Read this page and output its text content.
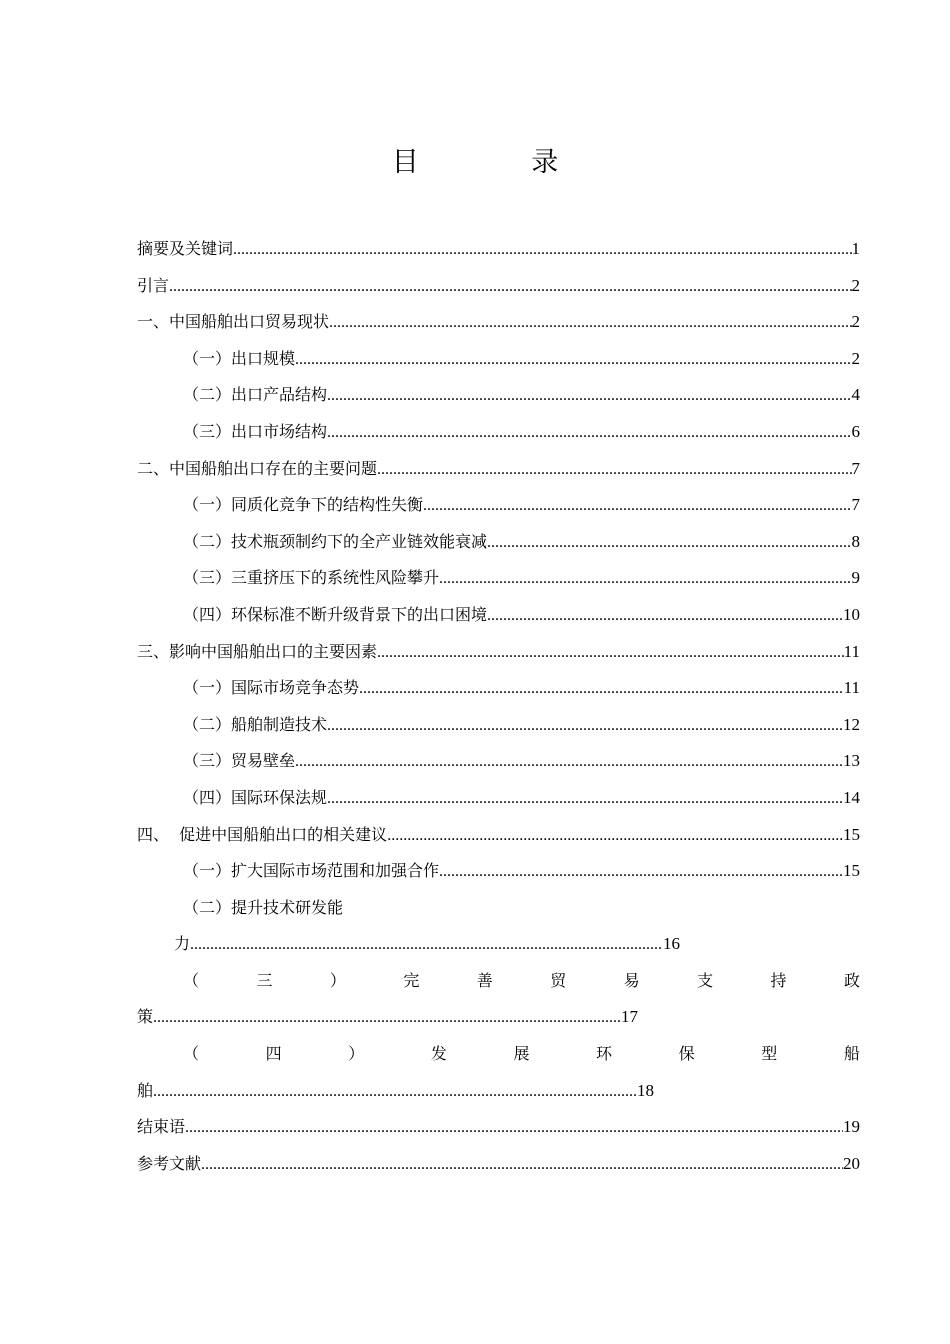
目 录
摘要及关键词 .....	1
引言 .....	2
一、中国船舶出口贸易现状 .....	2
（一）出口规模 .....	2
（二）出口产品结构 .....	4
（三）出口市场结构 .....	6
二、中国船舶出口存在的主要问题 .....	7
（一）同质化竞争下的结构性失衡 .....	7
（二）技术瓶颈制约下的全产业链效能衰减 .....	8
（三）三重挤压下的系统性风险攀升 .....	9
（四）环保标准不断升级背景下的出口困境 .....	10
三、影响中国船舶出口的主要因素 .....	11
（一）国际市场竞争态势 .....	11
（二）船舶制造技术 .....	12
（三）贸易壁垒 .....	13
（四）国际环保法规 .....	14
四、  促进中国船舶出口的相关建议 .....	15
（一）扩大国际市场范围和加强合作 .....	15
（二）提升技术研发能
力 .....	16
（	三	）	完	善	贸	易	支	持	政
策 .....	17
（	四	）	发	展	环	保	型	船
舶 .....	18
结束语 .....	19
参考文献 .....	20
